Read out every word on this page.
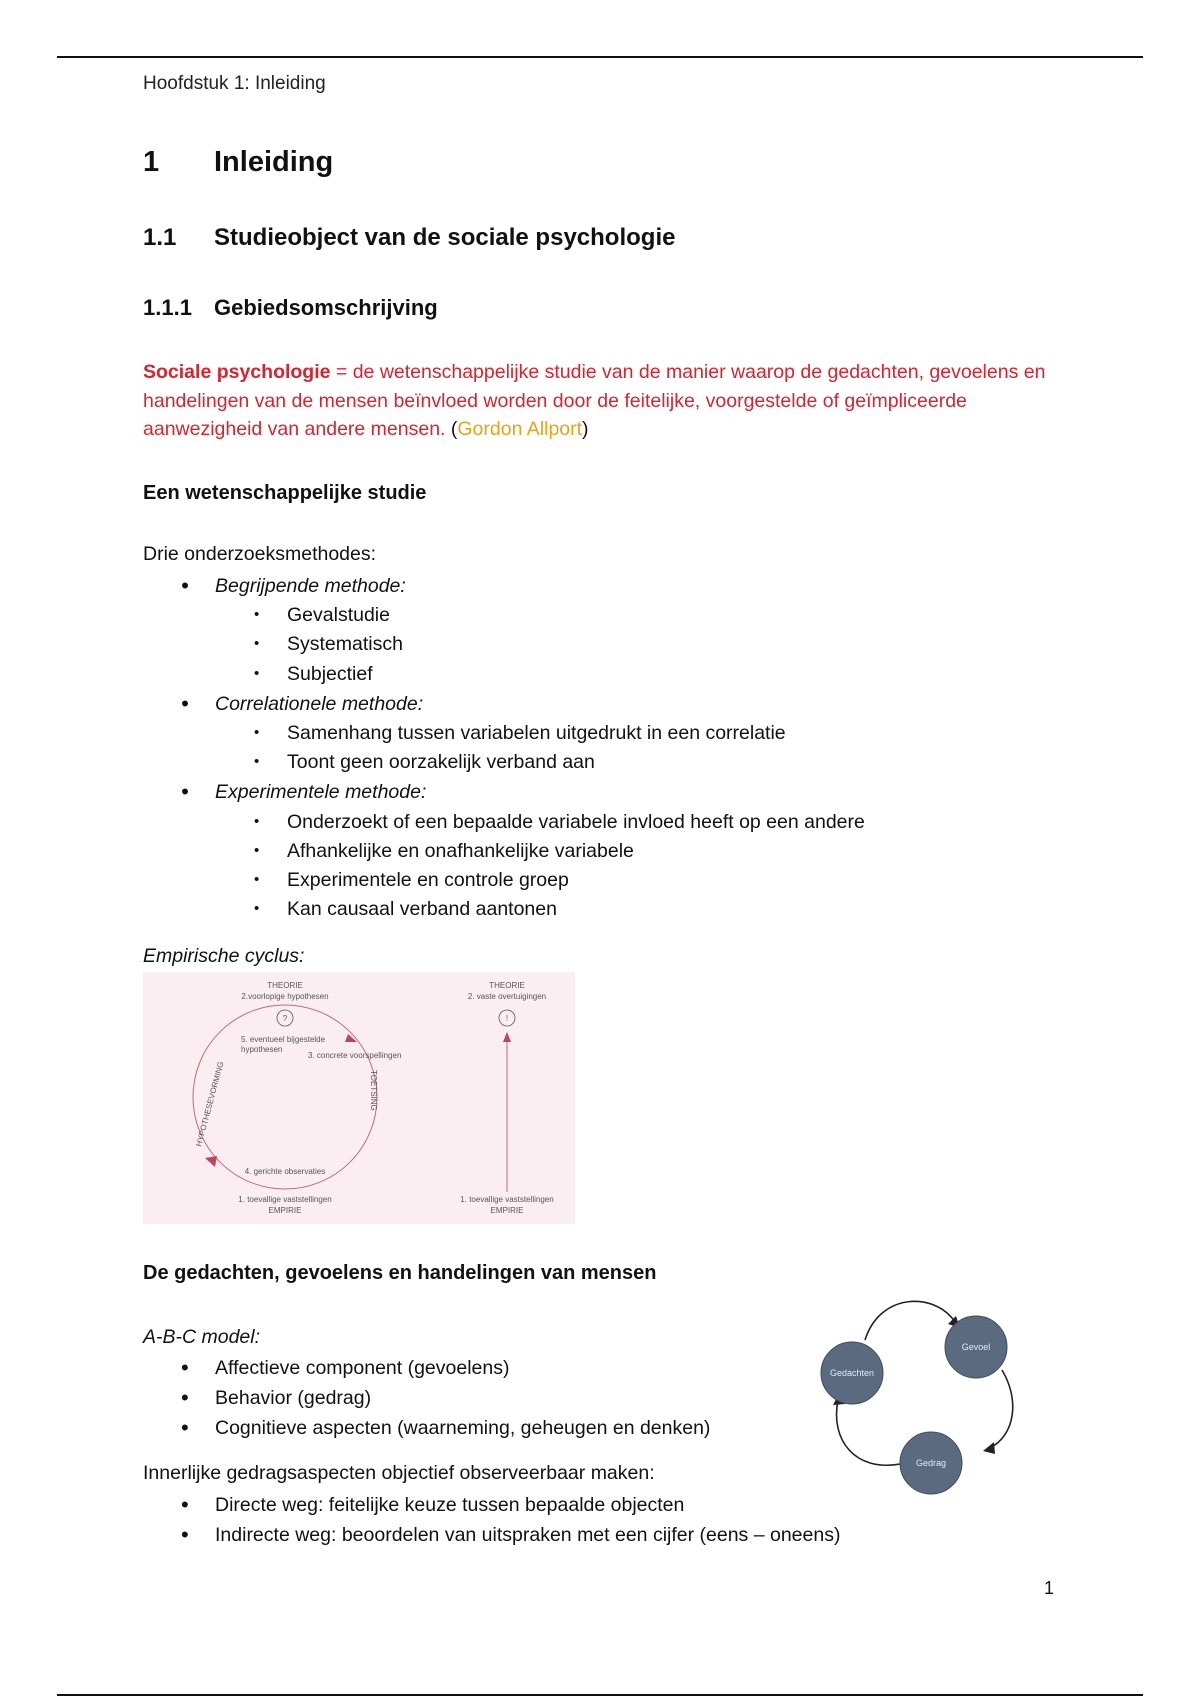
Hoofdstuk 1: Inleiding
1 Inleiding
1.1 Studieobject van de sociale psychologie
1.1.1 Gebiedsomschrijving
Sociale psychologie = de wetenschappelijke studie van de manier waarop de gedachten, gevoelens en handelingen van de mensen beïnvloed worden door de feitelijke, voorgestelde of geïmpliceerde aanwezigheid van andere mensen. (Gordon Allport)
Een wetenschappelijke studie
Drie onderzoeksmethodes:
• Begrijpende methode:
• Gevalstudie
• Systematisch
• Subjectief
• Correlationele methode:
• Samenhang tussen variabelen uitgedrukt in een correlatie
• Toont geen oorzakelijk verband aan
• Experimentele methode:
• Onderzoekt of een bepaalde variabele invloed heeft op een andere
• Afhankelijke en onafhankelijke variabele
• Experimentele en controle groep
• Kan causaal verband aantonen
Empirische cyclus:
?
THEORIE
2.voorlopige hypothesen
5. eventueel bijgestelde
hypothesen
3. concrete voorspellingen
TOETSING
HYPOTHESEVORMING
4. gerichte observaties
1. toevallige vaststellingen
EMPIRIE
!
THEORIE
2. vaste overtuigingen
1. toevallige vaststellingen
EMPIRIE
De gedachten, gevoelens en handelingen van mensen
A-B-C model:
• Affectieve component (gevoelens)
• Behavior (gedrag)
• Cognitieve aspecten (waarneming, geheugen en denken)
Gedachten
Gevoel
Gedrag
Innerlijke gedragsaspecten objectief observeerbaar maken:
• Directe weg: feitelijke keuze tussen bepaalde objecten
• Indirecte weg: beoordelen van uitspraken met een cijfer (eens – oneens)
1
